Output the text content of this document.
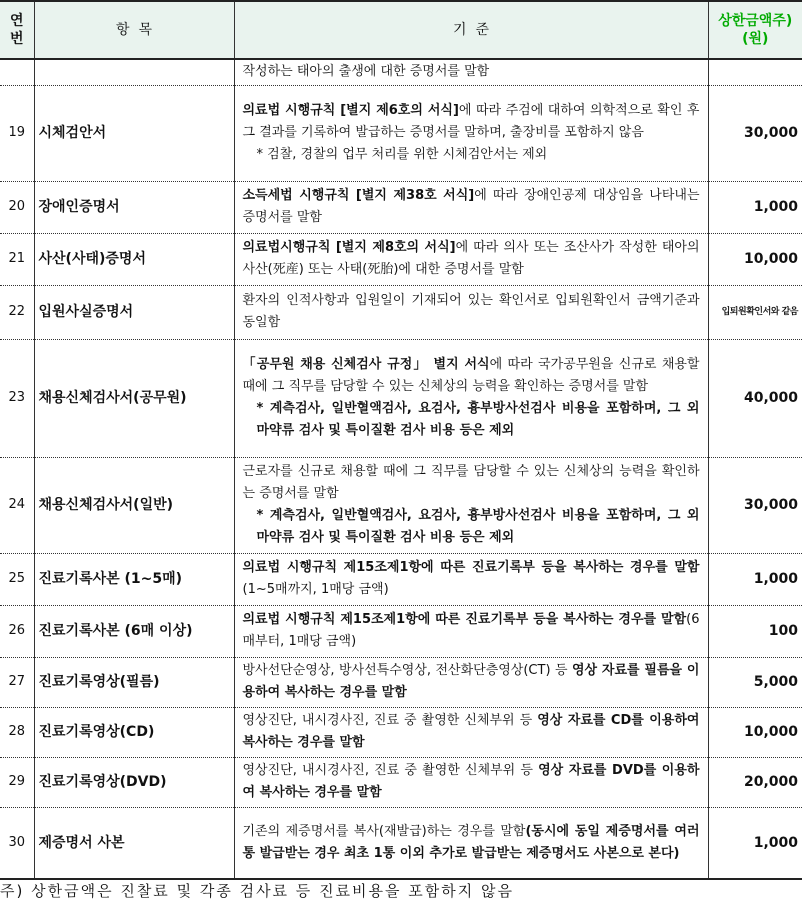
연
번	항  목	기  준	상한금액주)
(원)

		작성하는 태아의 출생에 대한 증명서를 말함	
19	시체검안서	의료법 시행규칙 [별지 제6호의 서식]에 따라 주검에 대하여 의학적으로 확인 후 그 결과를 기록하여 발급하는 증명서를 말하며, 출장비를 포함하지 않음
* 검찰, 경찰의 업무 처리를 위한 시체검안서는 제외	30,000
20	장애인증명서	소득세법 시행규칙 [별지 제38호 서식]에 따라 장애인공제 대상임을 나타내는 증명서를 말함	1,000
21	사산(사태)증명서	의료법시행규칙 [별지 제8호의 서식]에 따라 의사 또는 조산사가 작성한 태아의 사산(死産) 또는 사태(死胎)에 대한 증명서를 말함	10,000
22	입원사실증명서	환자의 인적사항과 입원일이 기재되어 있는 확인서로 입퇴원확인서 금액기준과 동일함	입퇴원확인서와 같음

23	채용신체검사서(공무원)	「공무원 채용 신체검사 규정」 별지 서식에 따라 국가공무원을 신규로 채용할 때에 그 직무를 담당할 수 있는 신체상의 능력을 확인하는 증명서를 말함
* 계측검사, 일반혈액검사, 요검사, 흉부방사선검사 비용을 포함하며, 그 외 마약류 검사 및 특이질환 검사 비용 등은 제외	40,000
24	채용신체검사서(일반)	근로자를 신규로 채용할 때에 그 직무를 담당할 수 있는 신체상의 능력을 확인하는 증명서를 말함
* 계측검사, 일반혈액검사, 요검사, 흉부방사선검사 비용을 포함하며, 그 외 마약류 검사 및 특이질환 검사 비용 등은 제외	30,000
25	진료기록사본 (1~5매)	의료법 시행규칙 제15조제1항에 따른 진료기록부 등을 복사하는 경우를 말함(1~5매까지, 1매당 금액)	1,000
26	진료기록사본 (6매 이상)	의료법 시행규칙 제15조제1항에 따른 진료기록부 등을 복사하는 경우를 말함(6매부터, 1매당 금액)	100
27	진료기록영상(필름)	방사선단순영상, 방사선특수영상, 전산화단층영상(CT) 등 영상 자료를 필름을 이용하여 복사하는 경우를 말함	5,000
28	진료기록영상(CD)	영상진단, 내시경사진, 진료 중 촬영한 신체부위 등 영상 자료를 CD를 이용하여 복사하는 경우를 말함	10,000
29	진료기록영상(DVD)	영상진단, 내시경사진, 진료 중 촬영한 신체부위 등 영상 자료를 DVD를 이용하여 복사하는 경우를 말함	20,000
30	제증명서 사본	기존의 제증명서를 복사(재발급)하는 경우를 말함(동시에 동일 제증명서를 여러통 발급받는 경우 최초 1통 이외 추가로 발급받는 제증명서도 사본으로 본다)	1,000
주) 상한금액은 진찰료 및 각종 검사료 등 진료비용을 포함하지 않음
